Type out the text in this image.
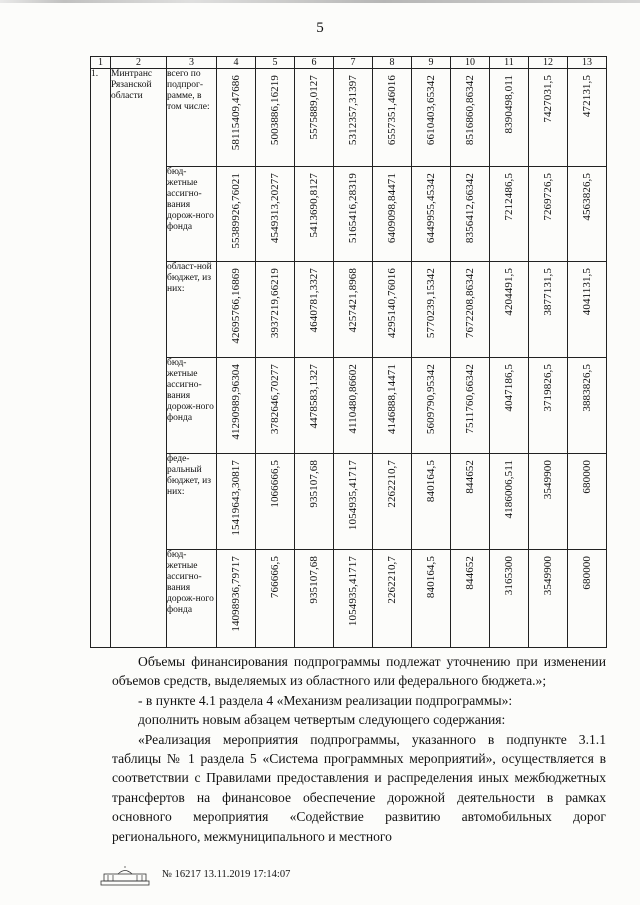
5
1	2	3	4	5	6	7	8	9	10	11	12	13
1.	Минтранс Рязанской области	всего по подпрог-рамме, в том числе:	58115409,47686	5003886,16219	5575889,0127	5312357,31397	6557351,46016	6610403,65342	8516860,86342	8390498,011	7427031,5	472131,5

		бюд-жетные ассигно-вания дорож-ного фонда	55389926,76021	4549313,20277	5413690,8127	5165416,28319	6409098,84471	6449955,45342	8356412,66342	7212486,5	7269726,5	4563826,5

		област-ной бюджет, из них:	42695766,16869	3937219,66219	4640781,3327	4257421,8968	4295140,76016	5770239,15342	7672208,86342	4204491,5	3877131,5	4041131,5

		бюд-жетные ассигно-вания дорож-ного фонда	41290989,96304	3782646,70277	4478583,1327	4110480,86602	4146888,14471	5609790,95342	7511760,66342	4047186,5	3719826,5	3883826,5

		феде-ральный бюджет, из них:	15419643,30817	1066666,5	935107,68	1054935,41717	2262210,7	840164,5	844652	4186006,511	3549900	680000

		бюд-жетные ассигно-вания дорож-ного фонда	14098936,79717	766666,5	935107,68	1054935,41717	2262210,7	840164,5	844652	3165300	3549900	680000

Объемы финансирования подпрограммы подлежат уточнению при изменении объемов средств, выделяемых из областного или федерального бюджета.»;

- в пункте 4.1 раздела 4 «Механизм реализации подпрограммы»:

дополнить новым абзацем четвертым следующего содержания:

«Реализация мероприятия подпрограммы, указанного в подпункте 3.1.1 таблицы № 1 раздела 5 «Система программных мероприятий», осуществляется в соответствии с Правилами предоставления и распределения иных межбюджетных трансфертов на финансовое обеспечение дорожной деятельности в рамках основного мероприятия «Содействие развитию автомобильных дорог регионального, межмуниципального и местного

№ 16217 13.11.2019 17:14:07
